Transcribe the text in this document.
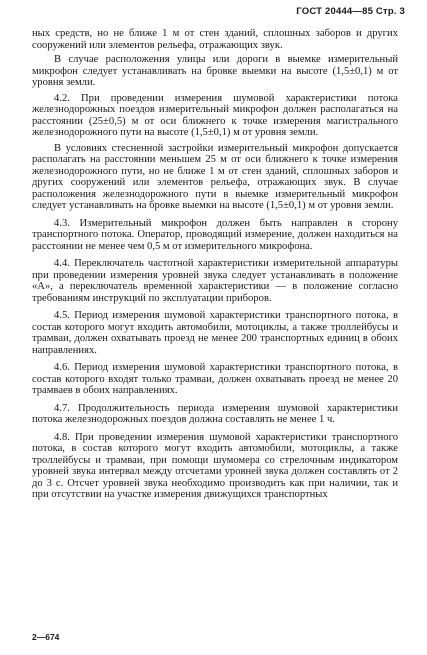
ГОСТ 20444—85 Стр. 3

ных средств, но не ближе 1 м от стен зданий, сплошных заборов и других сооружений или элементов рельефа, отражающих звук.

В случае расположения улицы или дороги в выемке измерительный микрофон следует устанавливать на бровке выемки на высоте (1,5±0,1) м от уровня земли.

4.2. При проведении измерения шумовой характеристики потока железнодорожных поездов измерительный микрофон должен располагаться на расстоянии (25±0,5) м от оси ближнего к точке измерения магистрального железнодорожного пути на высоте (1,5±0,1) м от уровня земли.

В условиях стесненной застройки измерительный микрофон допускается располагать на расстоянии меньшем 25 м от оси ближнего к точке измерения железнодорожного пути, но не ближе 1 м от стен зданий, сплошных заборов и других сооружений или элементов рельефа, отражающих звук. В случае расположения железнодорожного пути в выемке измерительный микрофон следует устанавливать на бровке выемки на высоте (1,5±0,1) м от уровня земли.

4.3. Измерительный микрофон должен быть направлен в сторону транспортного потока. Оператор, проводящий измерение, должен находиться на расстоянии не менее чем 0,5 м от измерительного микрофона.

4.4. Переключатель частотной характеристики измерительной аппаратуры при проведении измерения уровней звука следует устанавливать в положение «A», а переключатель временной характеристики — в положение согласно требованиям инструкций по эксплуатации приборов.

4.5. Период измерения шумовой характеристики транспортного потока, в состав которого могут входить автомобили, мотоциклы, а также троллейбусы и трамваи, должен охватывать проезд не менее 200 транспортных единиц в обоих направлениях.

4.6. Период измерения шумовой характеристики транспортного потока, в состав которого входят только трамваи, должен охватывать проезд не менее 20 трамваев в обоих направлениях.

4.7. Продолжительность периода измерения шумовой характеристики потока железнодорожных поездов должна составлять не менее 1 ч.

4.8. При проведении измерения шумовой характеристики транспортного потока, в состав которого могут входить автомобили, мотоциклы, а также троллейбусы и трамваи, при помощи шумомера со стрелочным индикатором уровней звука интервал между отсчетами уровней звука должен составлять от 2 до 3 с. Отсчет уровней звука необходимо производить как при наличии, так и при отсутствии на участке измерения движущихся транспортных

2—674
